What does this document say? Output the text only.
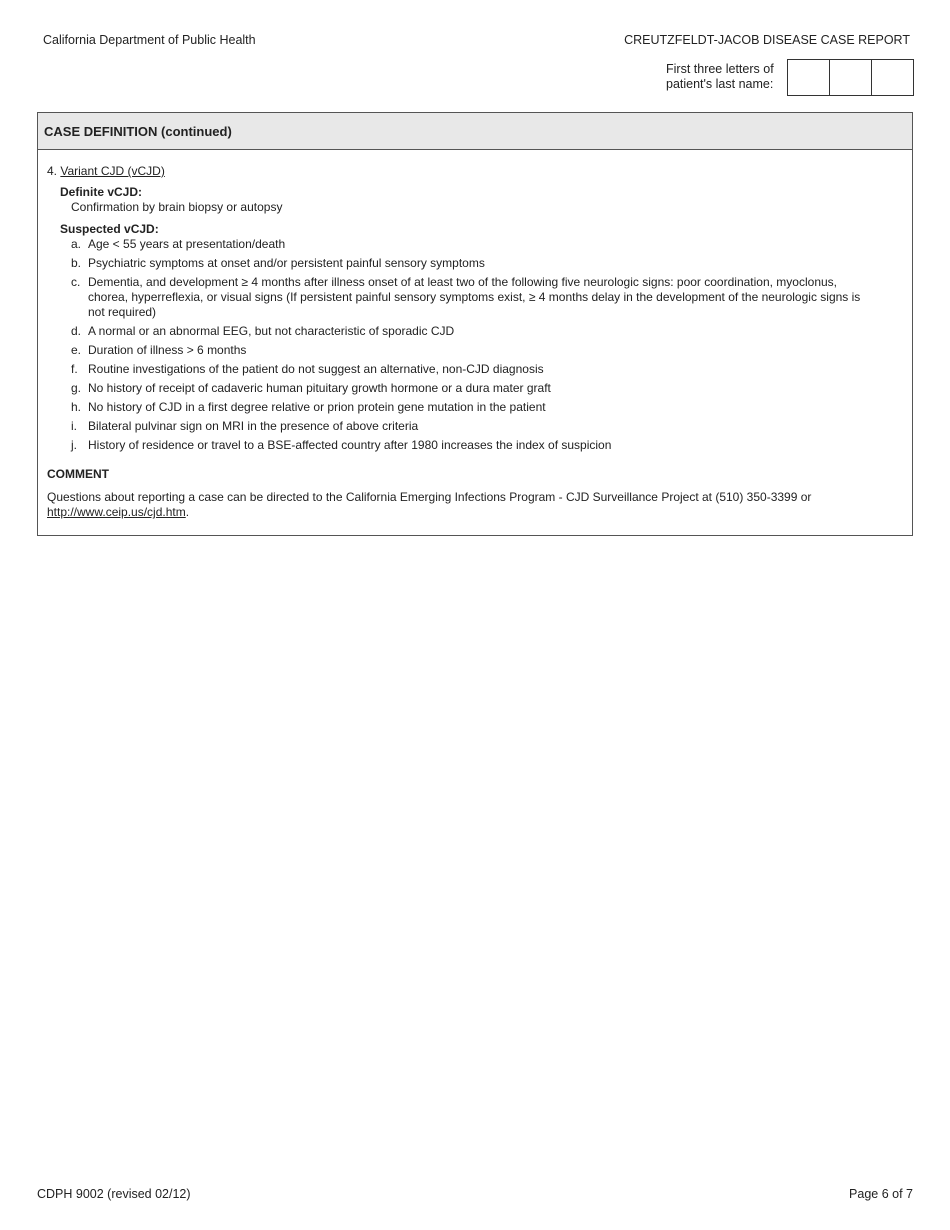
California Department of Public Health	CREUTZFELDT-JACOB DISEASE CASE REPORT
First three letters of patient's last name:
CASE DEFINITION (continued)
4. Variant CJD (vCJD)
Definite vCJD:
Confirmation by brain biopsy or autopsy
Suspected vCJD:
a. Age < 55 years at presentation/death
b. Psychiatric symptoms at onset and/or persistent painful sensory symptoms
c. Dementia, and development ≥ 4 months after illness onset of at least two of the following five neurologic signs: poor coordination, myoclonus, chorea, hyperreflexia, or visual signs (If persistent painful sensory symptoms exist, ≥ 4 months delay in the development of the neurologic signs is not required)
d. A normal or an abnormal EEG, but not characteristic of sporadic CJD
e. Duration of illness > 6 months
f. Routine investigations of the patient do not suggest an alternative, non-CJD diagnosis
g. No history of receipt of cadaveric human pituitary growth hormone or a dura mater graft
h. No history of CJD in a first degree relative or prion protein gene mutation in the patient
i. Bilateral pulvinar sign on MRI in the presence of above criteria
j. History of residence or travel to a BSE-affected country after 1980 increases the index of suspicion
COMMENT
Questions about reporting a case can be directed to the California Emerging Infections Program - CJD Surveillance Project at (510) 350-3399 or
http://www.ceip.us/cjd.htm.
CDPH 9002 (revised 02/12)	Page 6 of 7
